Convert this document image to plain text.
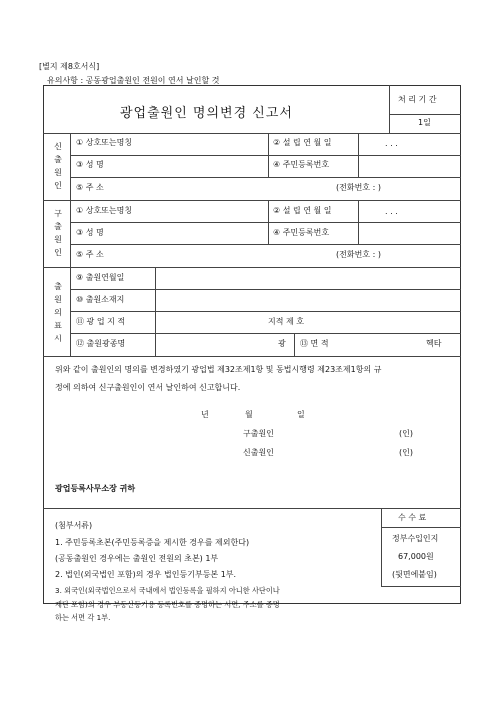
[별지 제8호서식]
유의사항 : 공동광업출원인 전원이 연서 날인할 것
광업출원인 명의변경 신고서
처 리 기 간
1일
신
출
원
인
① 상호또는명칭	② 설 립 연 월 일	. . .
③ 성 명	④ 주민등록번호
⑤ 주 소	(전화번호 : )
구
출
원
인
① 상호또는명칭	② 설 립 연 월 일	. . .
③ 성 명	④ 주민등록번호
⑤ 주 소	(전화번호 : )
출
원
의
표
시
⑨ 출원연월일
⑩ 출원소재지
⑪ 광 업 지 적	지적 제 호
⑫ 출원광종명	광 ⑬ 면 적	헥타
위와 같이 출원인의 명의를 변경하였기 광업법 제32조제1항 및 동법시행령 제23조제1항의 규
정에 의하여 신구출원인이 연서 날인하여 신고합니다.
년	월	일
구출원인	(인)
신출원인	(인)
광업등록사무소장 귀하
(첨부서류)
1. 주민등록초본(주민등록증을 제시한 경우를 제외한다)
(공동출원인 경우에는 출원인 전원의 초본) 1부
2. 법인(외국법인 포함)의 경우 법인등기부등본 1부.
3. 외국인(외국법인으로서 국내에서 법인등록을 필하지 아니한 사단이나
재단 포함)의 경우 부동산등기용 등록번호를 증명하는 서면, 주소를 증명
하는 서면 각 1부.
수 수 료
정부수입인지
67,000원
(뒷면에붙임)
